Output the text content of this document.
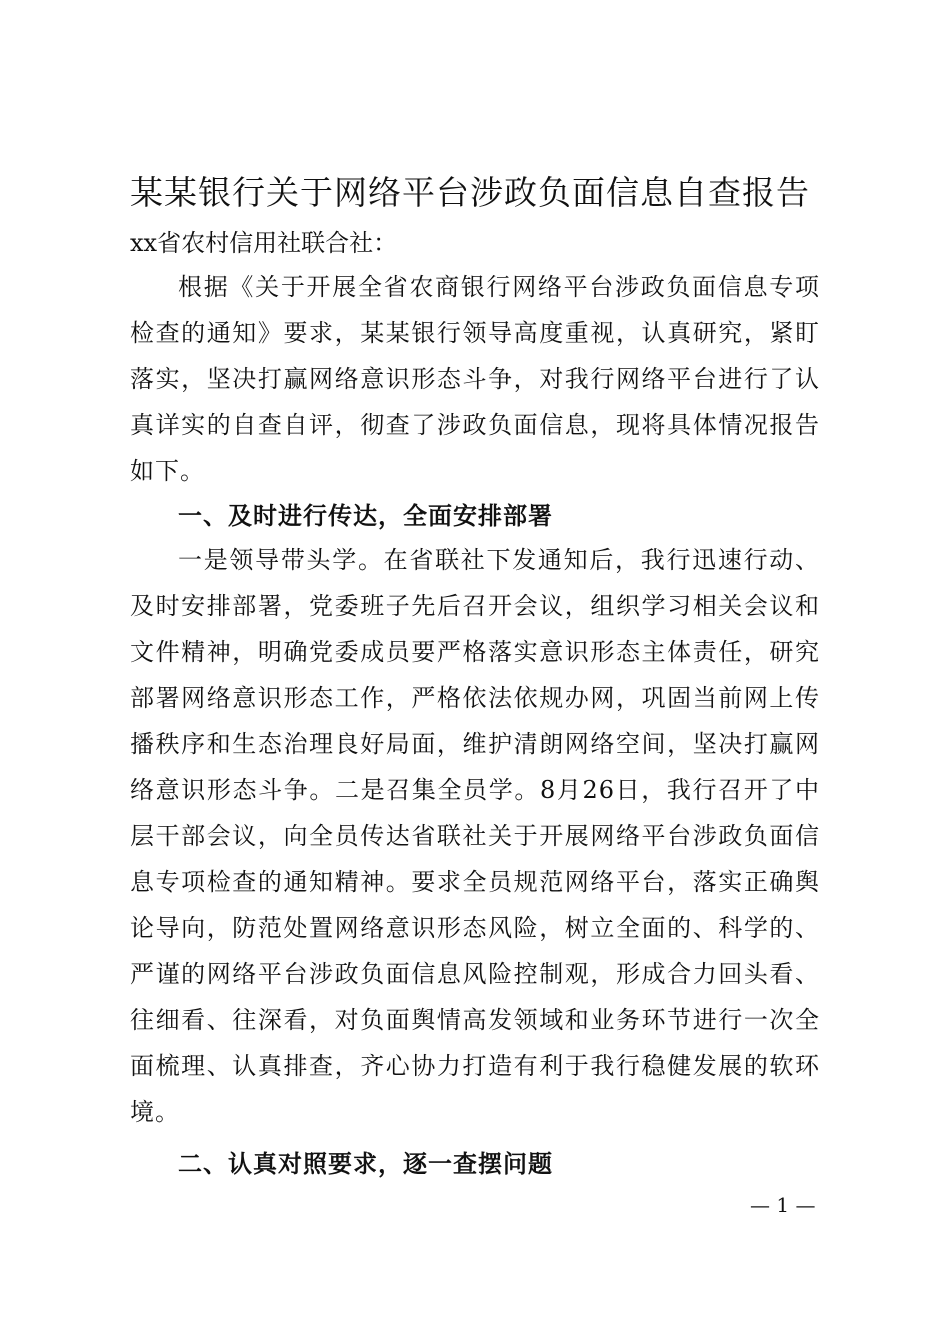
某某银行关于网络平台涉政负面信息自查报告
xx省农村信用社联合社：

根据《关于开展全省农商银行网络平台涉政负面信息专项检查的通知》要求，某某银行领导高度重视，认真研究，紧盯落实，坚决打赢网络意识形态斗争，对我行网络平台进行了认真详实的自查自评，彻查了涉政负面信息，现将具体情况报告如下。

一、及时进行传达，全面安排部署

一是领导带头学。在省联社下发通知后，我行迅速行动、及时安排部署，党委班子先后召开会议，组织学习相关会议和文件精神，明确党委成员要严格落实意识形态主体责任，研究部署网络意识形态工作，严格依法依规办网，巩固当前网上传播秩序和生态治理良好局面，维护清朗网络空间，坚决打赢网络意识形态斗争。二是召集全员学。8月26日，我行召开了中层干部会议，向全员传达省联社关于开展网络平台涉政负面信息专项检查的通知精神。要求全员规范网络平台，落实正确舆论导向，防范处置网络意识形态风险，树立全面的、科学的、严谨的网络平台涉政负面信息风险控制观，形成合力回头看、往细看、往深看，对负面舆情高发领域和业务环节进行一次全面梳理、认真排查，齐心协力打造有利于我行稳健发展的软环境。

二、认真对照要求，逐一查摆问题
— 1 —
